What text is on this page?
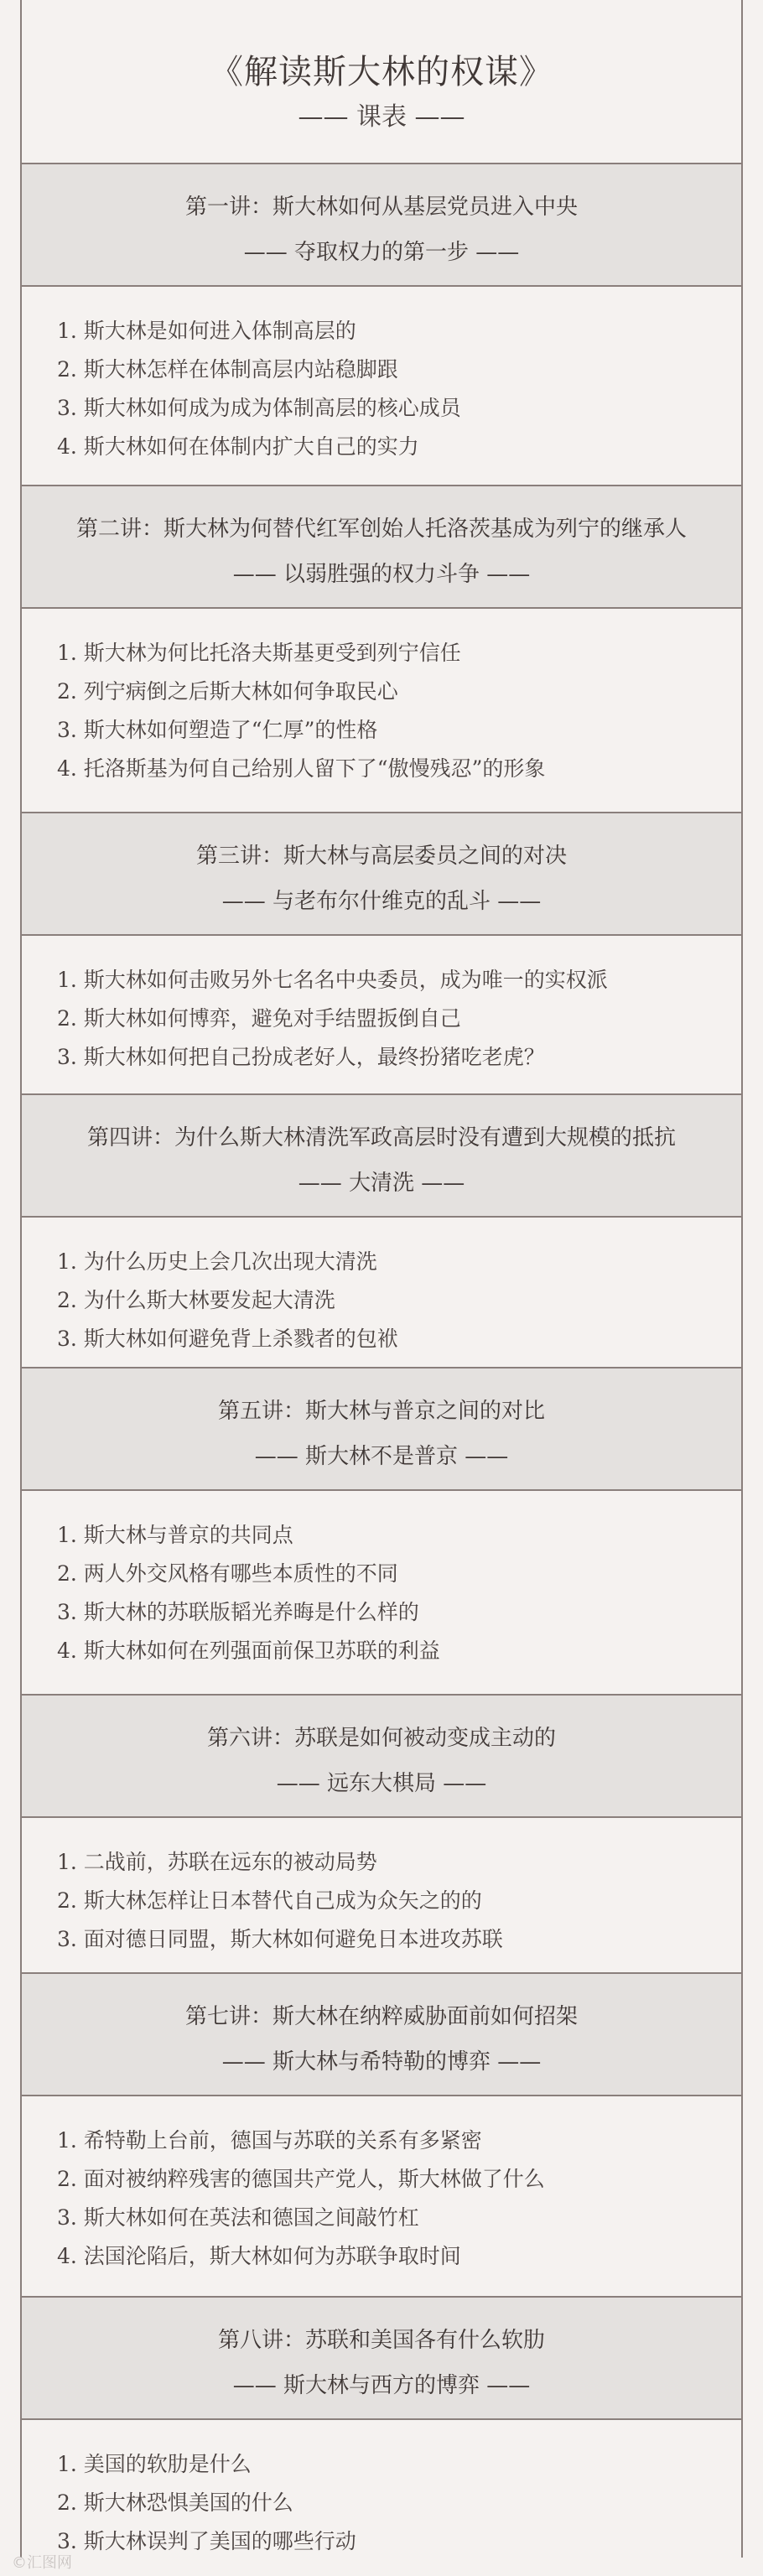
《解读斯大林的权谋》
—— 课表 ——
第一讲：斯大林如何从基层党员进入中央
—— 夺取权力的第一步 ——
1. 斯大林是如何进入体制高层的
2. 斯大林怎样在体制高层内站稳脚跟
3. 斯大林如何成为成为体制高层的核心成员
4. 斯大林如何在体制内扩大自己的实力
第二讲：斯大林为何替代红军创始人托洛茨基成为列宁的继承人
—— 以弱胜强的权力斗争 ——
1. 斯大林为何比托洛夫斯基更受到列宁信任
2. 列宁病倒之后斯大林如何争取民心
3. 斯大林如何塑造了“仁厚”的性格
4. 托洛斯基为何自己给别人留下了“傲慢残忍”的形象
第三讲：斯大林与高层委员之间的对决
—— 与老布尔什维克的乱斗 ——
1. 斯大林如何击败另外七名名中央委员，成为唯一的实权派
2. 斯大林如何博弈，避免对手结盟扳倒自己
3. 斯大林如何把自己扮成老好人，最终扮猪吃老虎？
第四讲：为什么斯大林清洗军政高层时没有遭到大规模的抵抗
—— 大清洗 ——
1. 为什么历史上会几次出现大清洗
2. 为什么斯大林要发起大清洗
3. 斯大林如何避免背上杀戮者的包袱
第五讲：斯大林与普京之间的对比
—— 斯大林不是普京 ——
1. 斯大林与普京的共同点
2. 两人外交风格有哪些本质性的不同
3. 斯大林的苏联版韬光养晦是什么样的
4. 斯大林如何在列强面前保卫苏联的利益
第六讲：苏联是如何被动变成主动的
—— 远东大棋局 ——
1. 二战前，苏联在远东的被动局势
2. 斯大林怎样让日本替代自己成为众矢之的的
3. 面对德日同盟，斯大林如何避免日本进攻苏联
第七讲：斯大林在纳粹威胁面前如何招架
—— 斯大林与希特勒的博弈 ——
1. 希特勒上台前，德国与苏联的关系有多紧密
2. 面对被纳粹残害的德国共产党人，斯大林做了什么
3. 斯大林如何在英法和德国之间敲竹杠
4. 法国沦陷后，斯大林如何为苏联争取时间
第八讲：苏联和美国各有什么软肋
—— 斯大林与西方的博弈 ——
1. 美国的软肋是什么
2. 斯大林恐惧美国的什么
3. 斯大林误判了美国的哪些行动
©汇图网
